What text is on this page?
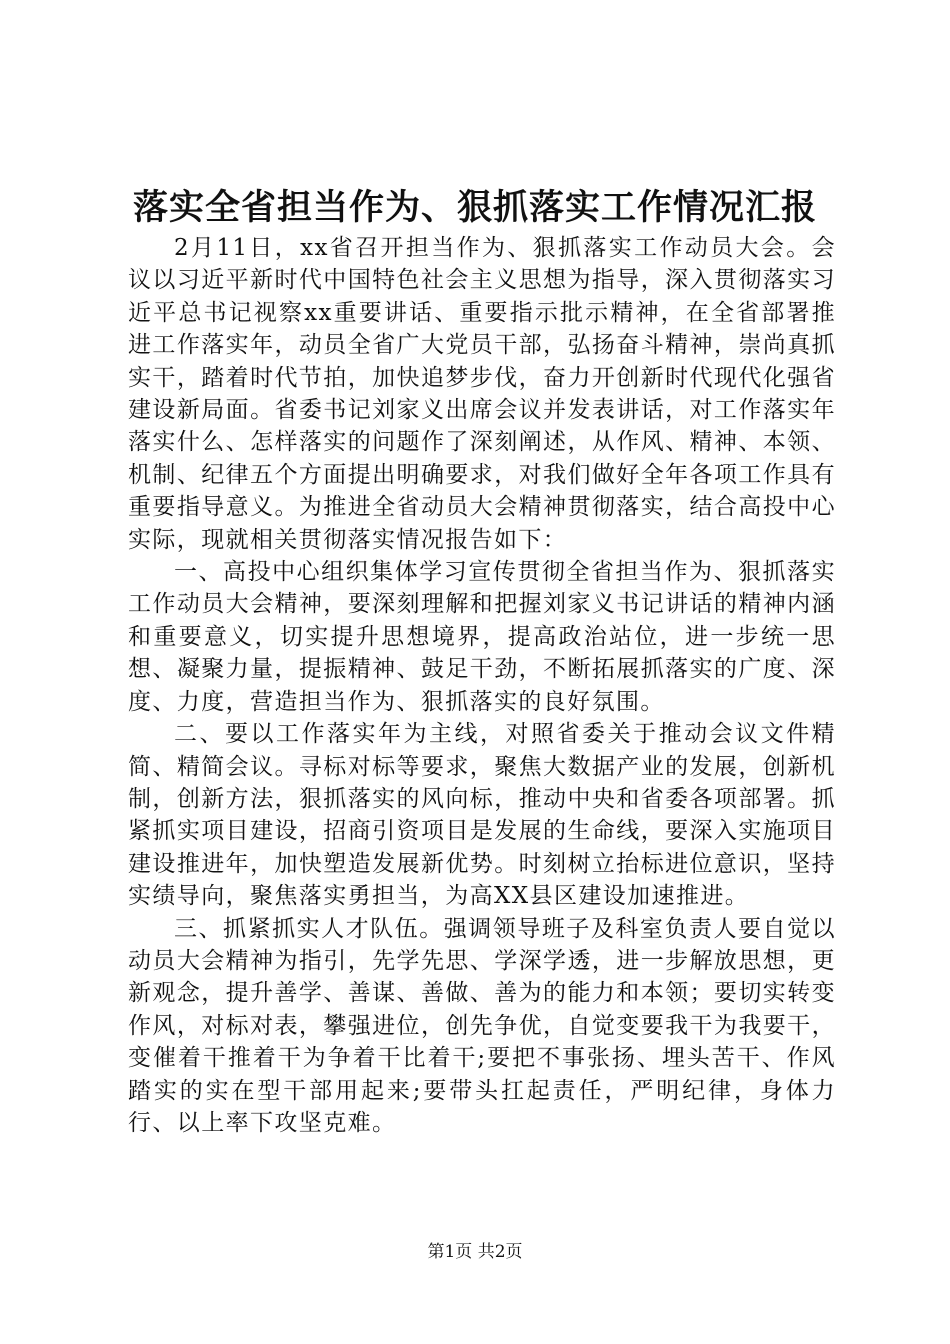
落实全省担当作为、狠抓落实工作情况汇报

2月11日，xx省召开担当作为、狠抓落实工作动员大会。会议以习近平新时代中国特色社会主义思想为指导，深入贯彻落实习近平总书记视察xx重要讲话、重要指示批示精神，在全省部署推进工作落实年，动员全省广大党员干部，弘扬奋斗精神，崇尚真抓实干，踏着时代节拍，加快追梦步伐，奋力开创新时代现代化强省建设新局面。省委书记刘家义出席会议并发表讲话，对工作落实年落实什么、怎样落实的问题作了深刻阐述，从作风、精神、本领、机制、纪律五个方面提出明确要求，对我们做好全年各项工作具有重要指导意义。为推进全省动员大会精神贯彻落实，结合高投中心实际，现就相关贯彻落实情况报告如下：

一、高投中心组织集体学习宣传贯彻全省担当作为、狠抓落实工作动员大会精神，要深刻理解和把握刘家义书记讲话的精神内涵和重要意义，切实提升思想境界，提高政治站位，进一步统一思想、凝聚力量，提振精神、鼓足干劲，不断拓展抓落实的广度、深度、力度，营造担当作为、狠抓落实的良好氛围。

二、要以工作落实年为主线，对照省委关于推动会议文件精简、精简会议。寻标对标等要求，聚焦大数据产业的发展，创新机制，创新方法，狠抓落实的风向标，推动中央和省委各项部署。抓紧抓实项目建设，招商引资项目是发展的生命线，要深入实施项目建设推进年，加快塑造发展新优势。时刻树立抬标进位意识，坚持实绩导向，聚焦落实勇担当，为高XX县区建设加速推进。

三、抓紧抓实人才队伍。强调领导班子及科室负责人要自觉以动员大会精神为指引，先学先思、学深学透，进一步解放思想，更新观念，提升善学、善谋、善做、善为的能力和本领；要切实转变作风，对标对表，攀强进位，创先争优，自觉变要我干为我要干，变催着干推着干为争着干比着干;要把不事张扬、埋头苦干、作风踏实的实在型干部用起来;要带头扛起责任，严明纪律，身体力行、以上率下攻坚克难。

第1页 共2页
